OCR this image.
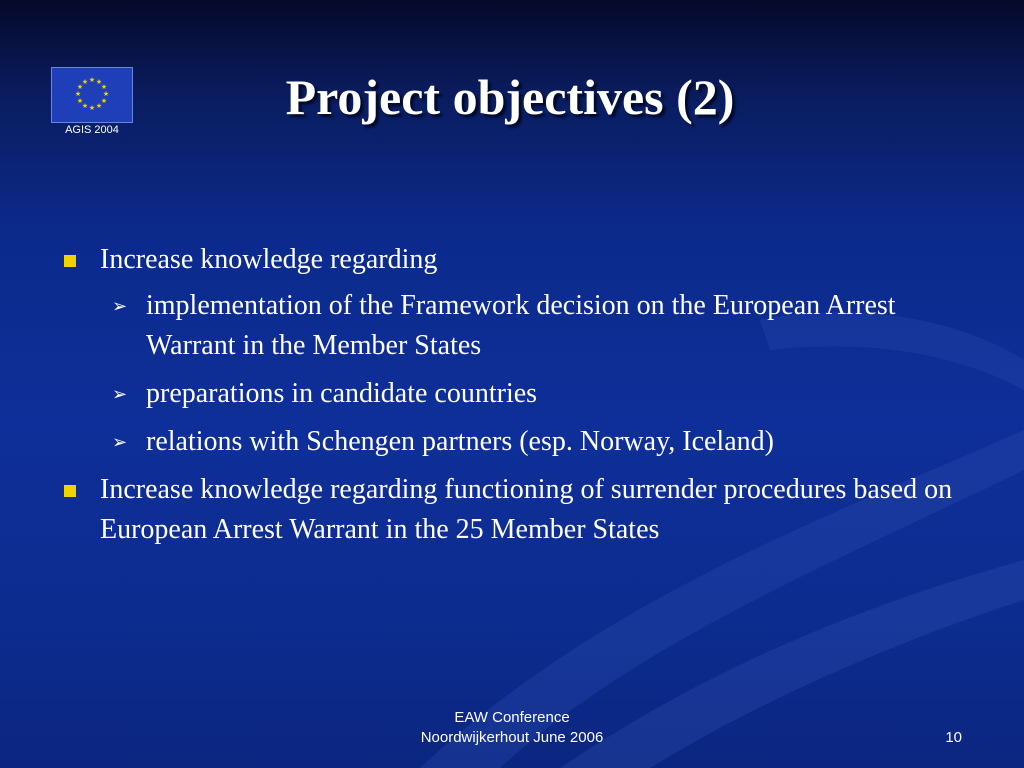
★ ★
★
★
★
★
★
★
★
★
★
★
AGIS 2004
Project objectives (2)
Increase knowledge regarding
➢ implementation of the Framework decision on the European Arrest Warrant in the Member States
➢ preparations in candidate countries
➢ relations with Schengen partners (esp. Norway, Iceland)
Increase knowledge regarding functioning of surrender procedures based on European Arrest Warrant in the 25 Member States
EAW Conference
Noordwijkerhout June 2006	10
